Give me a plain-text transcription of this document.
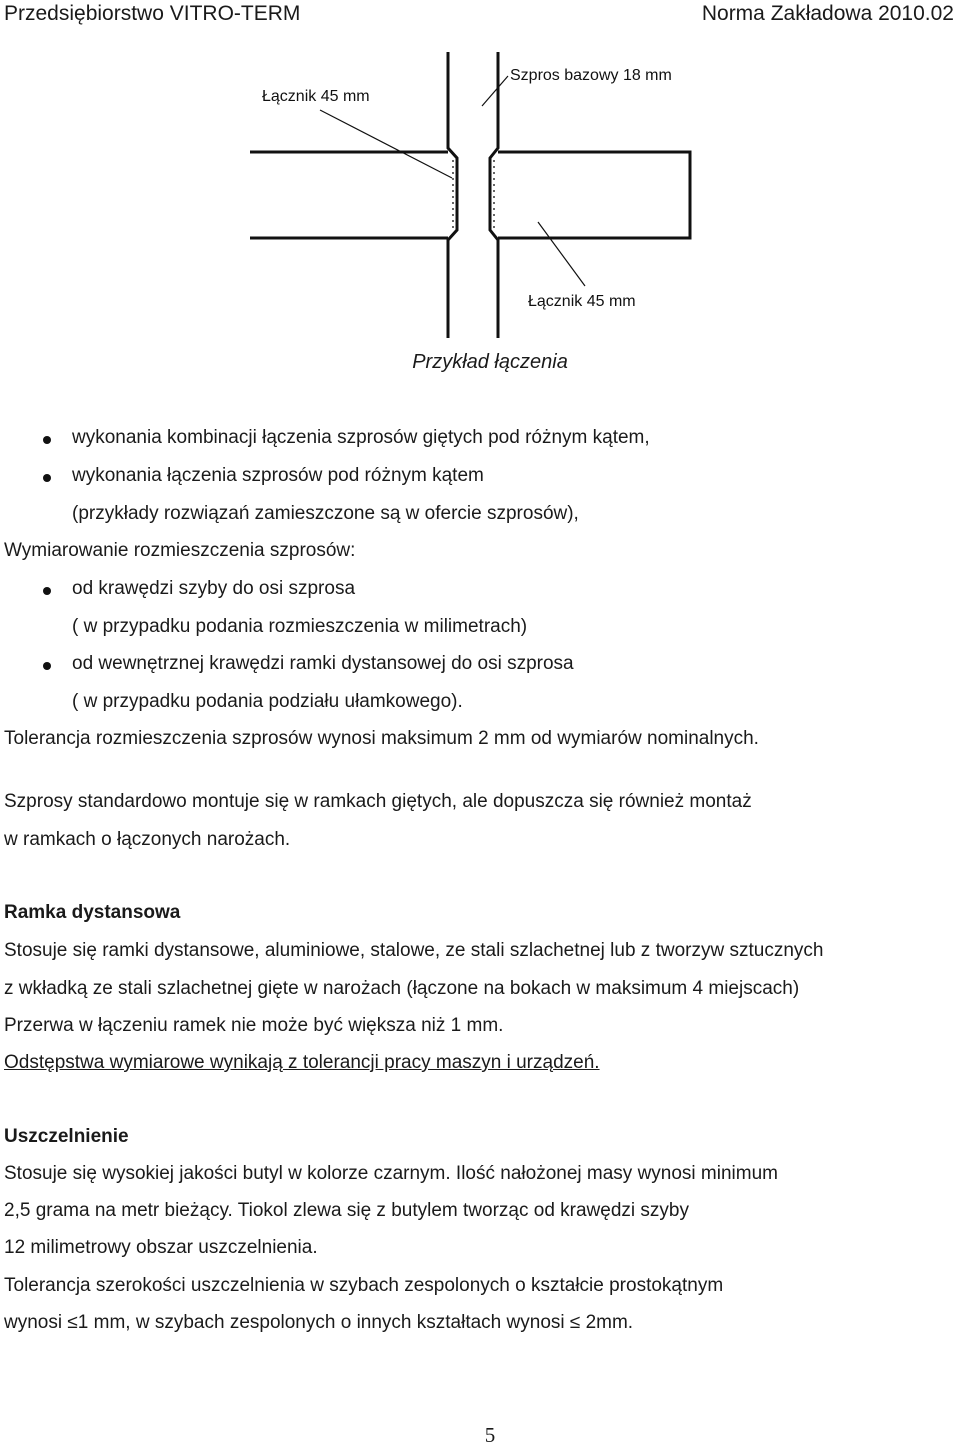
Przedsiębiorstwo VITRO-TERM	Norma Zakładowa 2010.02
Łącznik 45 mm
Szpros bazowy 18 mm
Łącznik 45 mm
Przykład łączenia
wykonania kombinacji łączenia szprosów giętych pod różnym kątem,
wykonania łączenia szprosów pod różnym kątem
(przykłady rozwiązań zamieszczone są w ofercie szprosów),
Wymiarowanie rozmieszczenia szprosów:
od krawędzi szyby do osi szprosa
( w przypadku podania rozmieszczenia w milimetrach)
od wewnętrznej krawędzi ramki dystansowej do osi szprosa
( w przypadku podania podziału ułamkowego).
Tolerancja rozmieszczenia szprosów wynosi maksimum 2 mm od wymiarów nominalnych.
Szprosy standardowo montuje się w ramkach giętych, ale dopuszcza się również montaż
w ramkach o łączonych narożach.
Ramka dystansowa
Stosuje się ramki dystansowe, aluminiowe, stalowe, ze stali szlachetnej lub z tworzyw sztucznych
z wkładką ze stali szlachetnej gięte w narożach (łączone na bokach w maksimum 4 miejscach)
Przerwa w łączeniu ramek nie może być większa niż 1 mm.
Odstępstwa wymiarowe wynikają z tolerancji pracy maszyn i urządzeń.
Uszczelnienie
Stosuje się wysokiej jakości butyl w kolorze czarnym. Ilość nałożonej masy wynosi minimum
2,5 grama na metr bieżący. Tiokol zlewa się z butylem tworząc od krawędzi szyby
12 milimetrowy obszar uszczelnienia.
Tolerancja szerokości uszczelnienia w szybach zespolonych o kształcie prostokątnym
wynosi ≤1 mm, w szybach zespolonych o innych kształtach wynosi ≤ 2mm.
5
